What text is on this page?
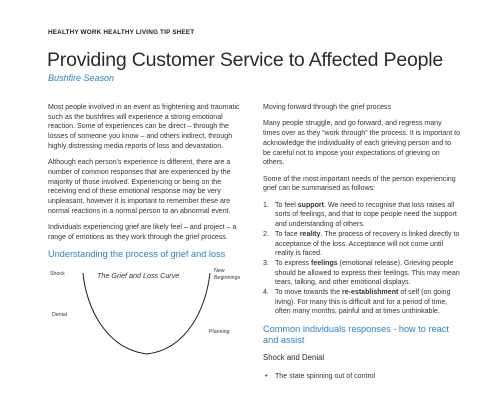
HEALTHY WORK HEALTHY LIVING TIP SHEET
Providing Customer Service to Affected People
Bushfire Season

Most people involved in an event as frightening and traumatic such as the bushfires will experience a strong emotional reaction. Some of experiences can be direct – through the losses of someone you know – and others indirect, through highly distressing media reports of loss and devastation.

Although each person’s experience is different, there are a number of common responses that are experienced by the majority of those involved. Experiencing or being on the receiving end of these emotional response may be very unpleasant, however it is important to remember these are normal reactions in a normal person to an abnormal event.

Individuals experiencing grief are likely feel – and project – a range of emotions as they work through the grief process.

Understanding the process of grief and loss
Shock	The Grief and Loss Curve	New
Beginnings
Denial
Planning

Moving forward through the grief process

Many people struggle, and go forward, and regress many times over as they “work through” the process. It is important to acknowledge the individuality of each grieving person and to be careful not to impose your expectations of grieving on others.

Some of the most important needs of the person experiencing grief can be summarised as follows:

1. To feel support. We need to recognise that loss raises all sorts of feelings, and that to cope people need the support and understanding of others.
2. To face reality. The process of recovery is linked directly to acceptance of the loss. Acceptance will not come until reality is faced.
3. To express feelings (emotional release). Grieving people should be allowed to express their feelings. This may mean tears, talking, and other emotional displays.
4. To move towards the re-establishment of self (on going living). For many this is difficult and for a period of time, often many months, painful and at times unthinkable.
Common individuals responses - how to react and assist
Shock and Denial
• The state spinning out of control
